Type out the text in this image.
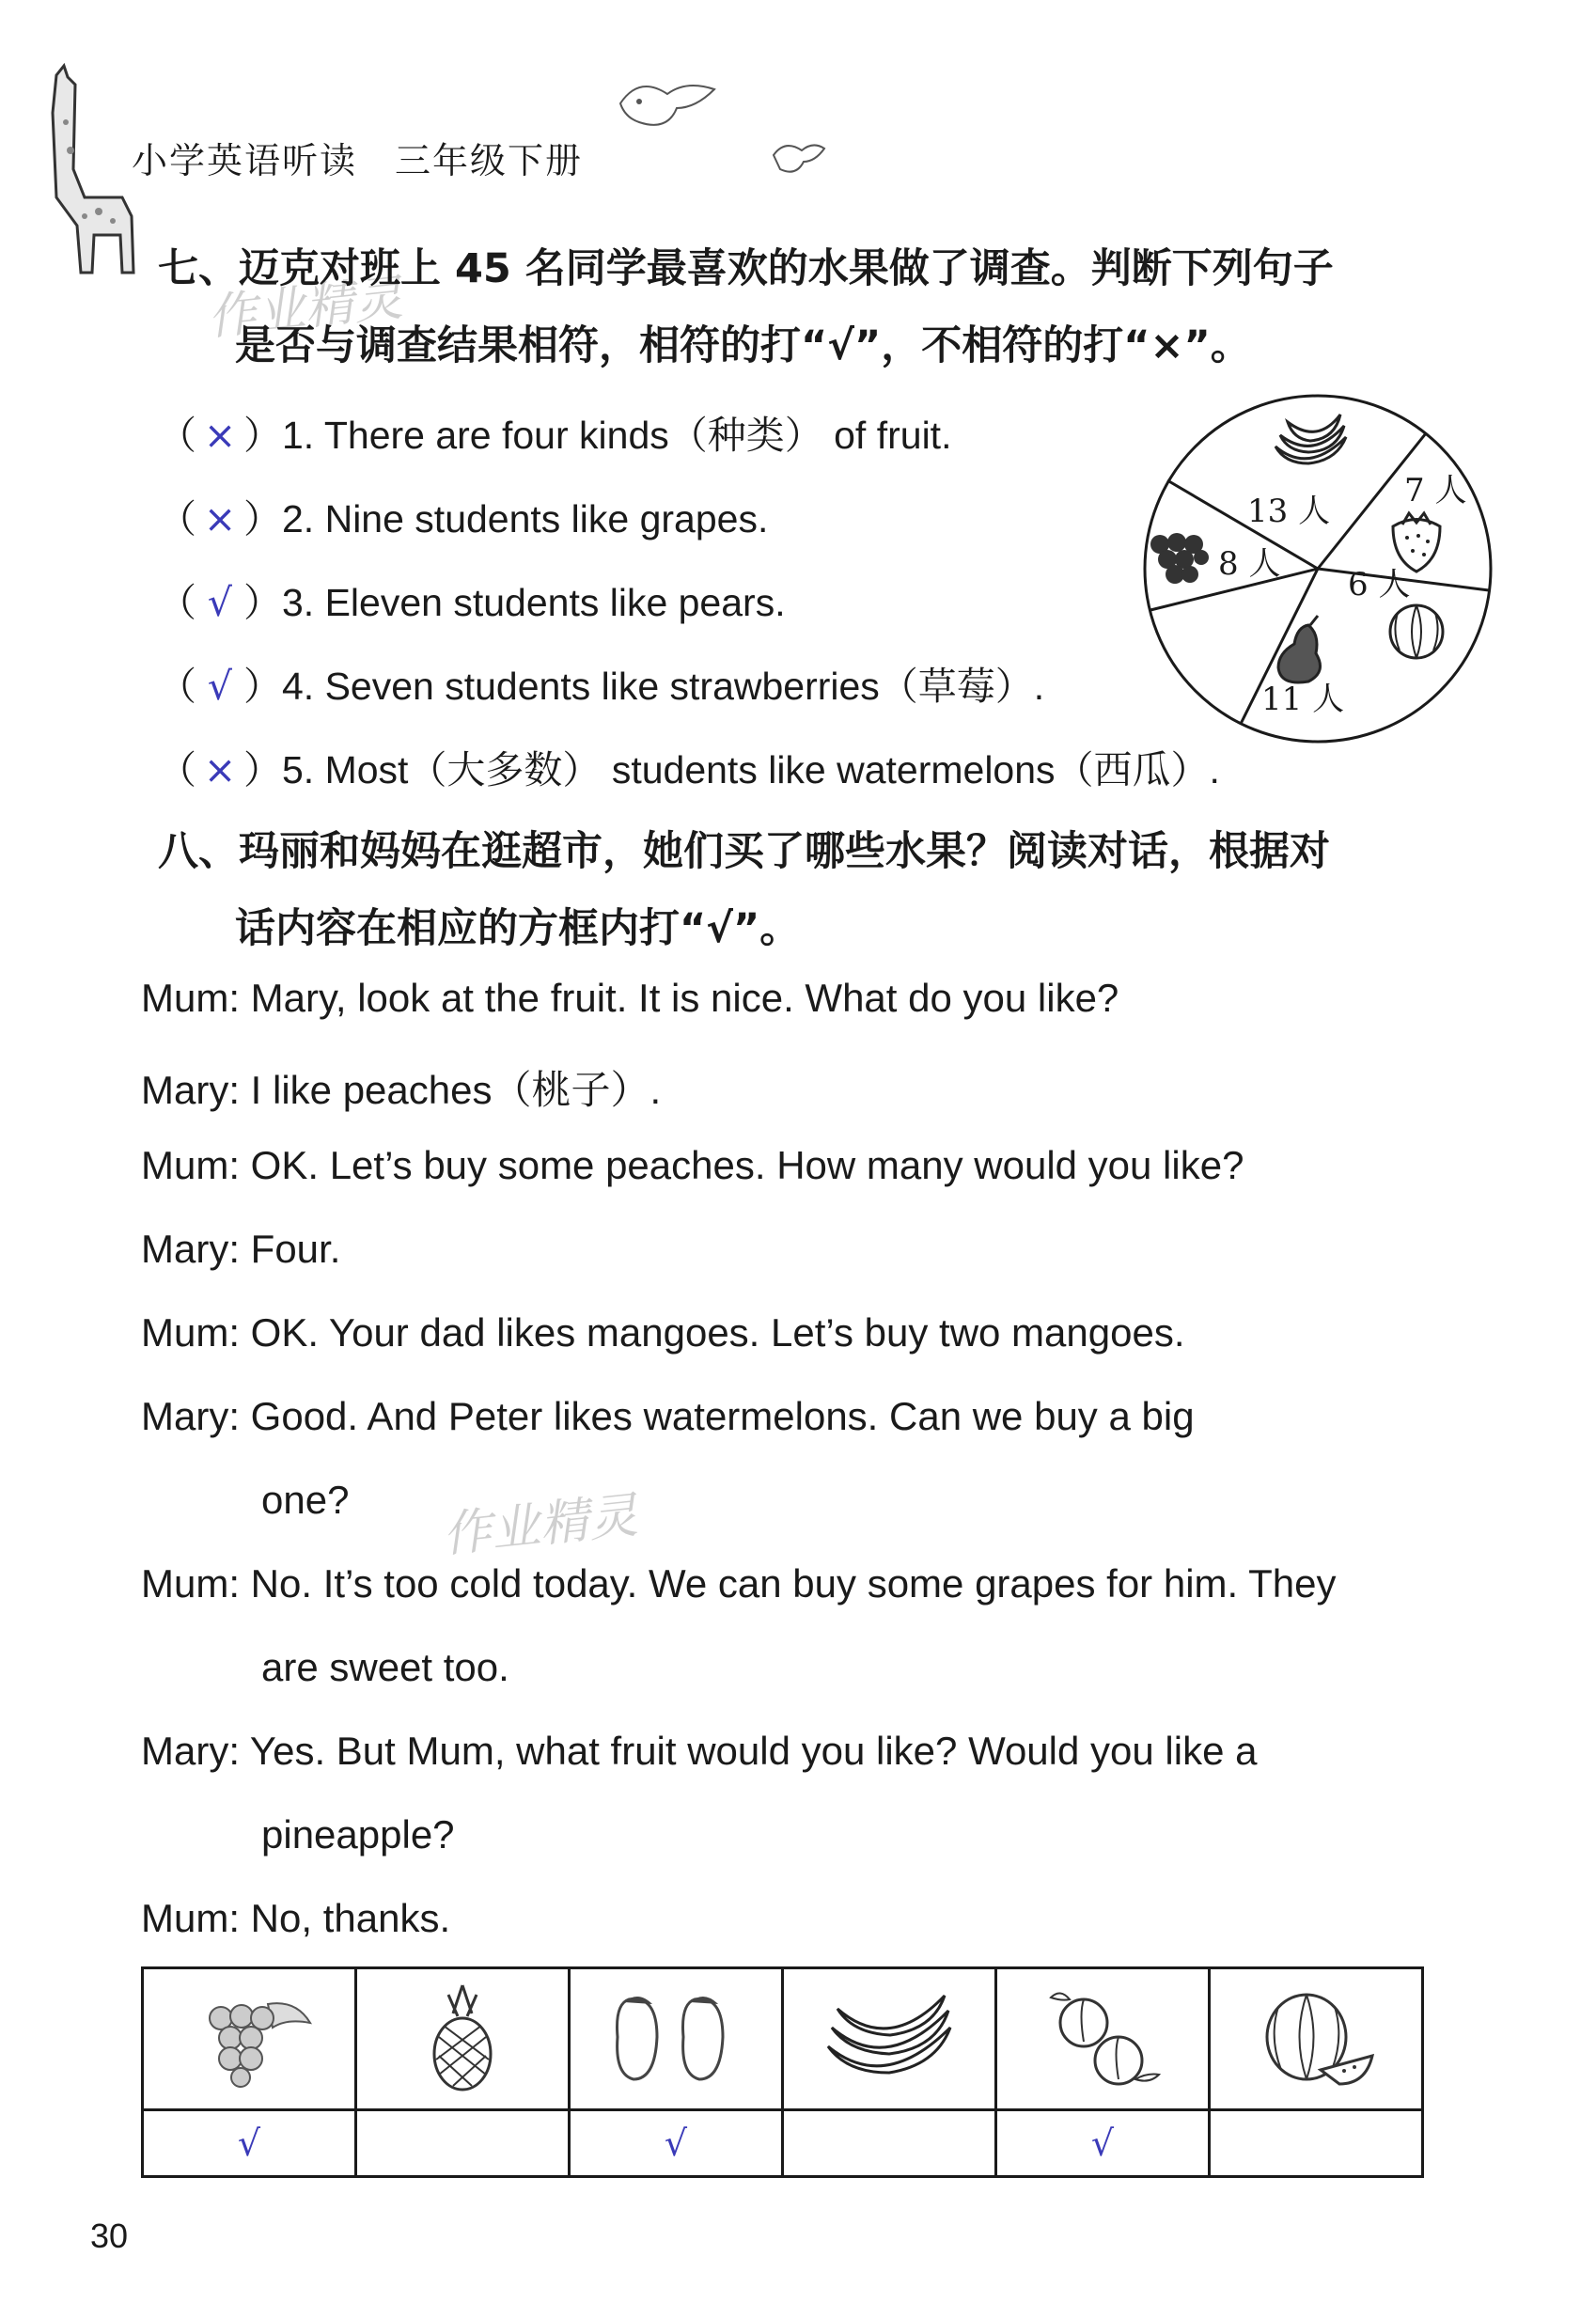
小学英语听读　三年级下册
作业精灵
作业精灵
七、迈克对班上 45 名同学最喜欢的水果做了调查。判断下列句子
是否与调查结果相符，相符的打“√”，不相符的打“×”。
（ × ）1. There are four kinds（种类） of fruit.
（ × ）2. Nine students like grapes.
（ √ ）3. Eleven students like pears.
（ √ ）4. Seven students like strawberries（草莓）.
（ × ）5. Most（大多数） students like watermelons（西瓜）.
13 人
7 人
6 人
11 人
8 人
八、玛丽和妈妈在逛超市，她们买了哪些水果？阅读对话，根据对
话内容在相应的方框内打“√”。
Mum: Mary, look at the fruit. It is nice. What do you like?
Mary: I like peaches（桃子）.
Mum: OK. Let’s buy some peaches. How many would you like?
Mary: Four.
Mum: OK. Your dad likes mangoes. Let’s buy two mangoes.
Mary: Good. And Peter likes watermelons. Can we buy a big
one?
Mum: No. It’s too cold today. We can buy some grapes for him. They
are sweet too.
Mary: Yes. But Mum, what fruit would you like? Would you like a
pineapple?
Mum: No, thanks.

√		√		√	
30
